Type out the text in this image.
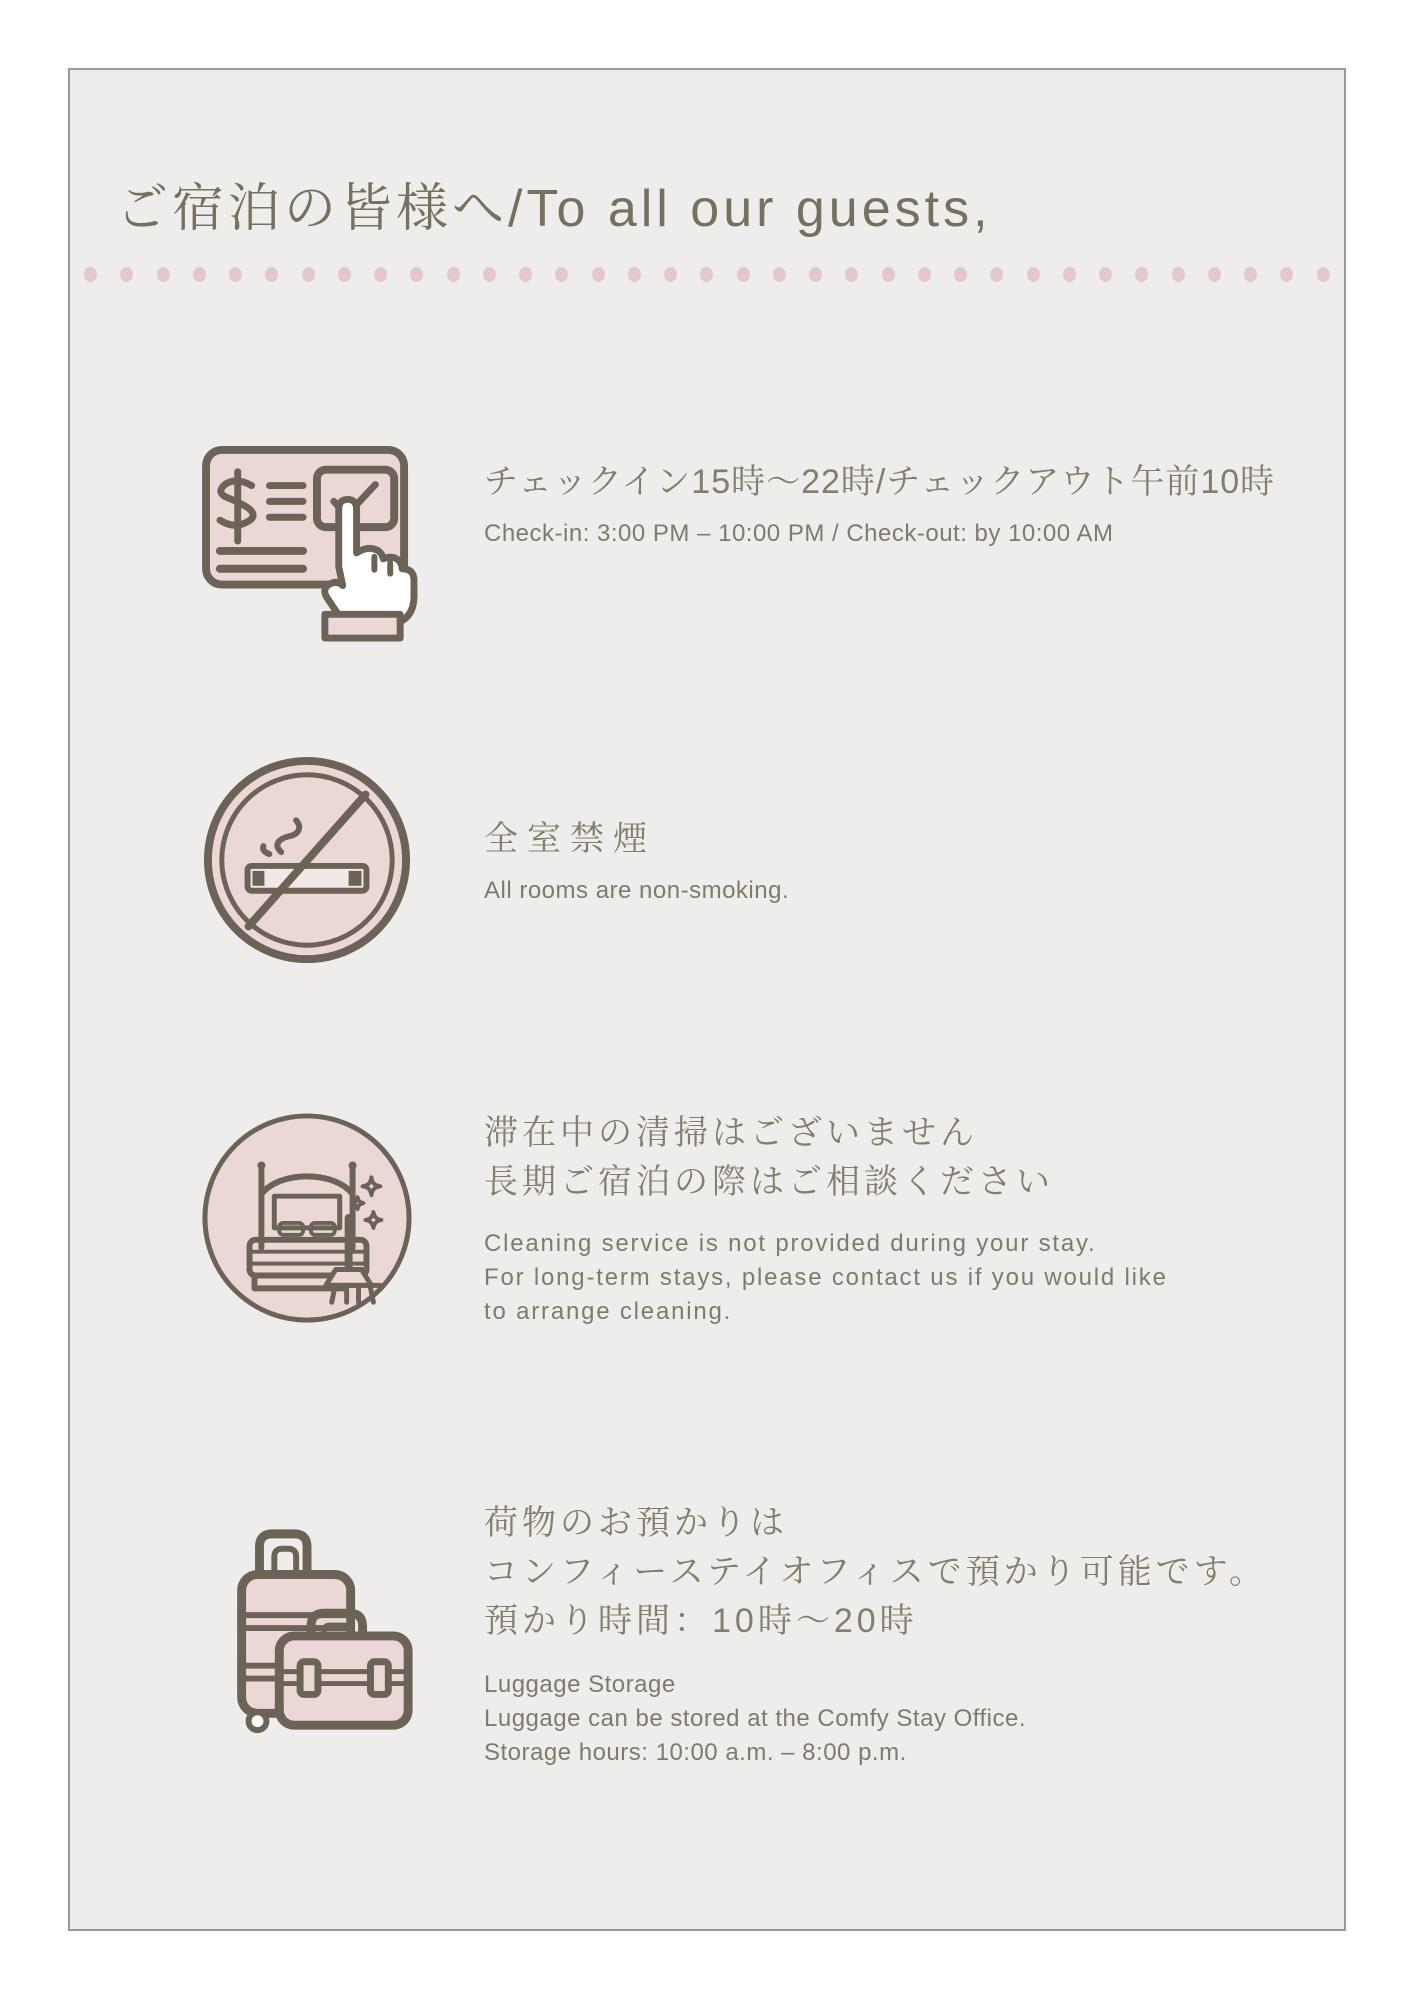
ご宿泊の皆様へ/To all our guests,

チェックイン15時〜22時/チェックアウト午前10時

Check-in: 3:00 PM – 10:00 PM / Check-out: by 10:00 AM

全室禁煙

All rooms are non-smoking.

滞在中の清掃はございません

長期ご宿泊の際はご相談ください

Cleaning service is not provided during your stay.

For long-term stays, please contact us if you would like

to arrange cleaning.

荷物のお預かりは

コンフィーステイオフィスで預かり可能です。

預かり時間：10時〜20時

Luggage Storage

Luggage can be stored at the Comfy Stay Office.

Storage hours: 10:00 a.m. – 8:00 p.m.
